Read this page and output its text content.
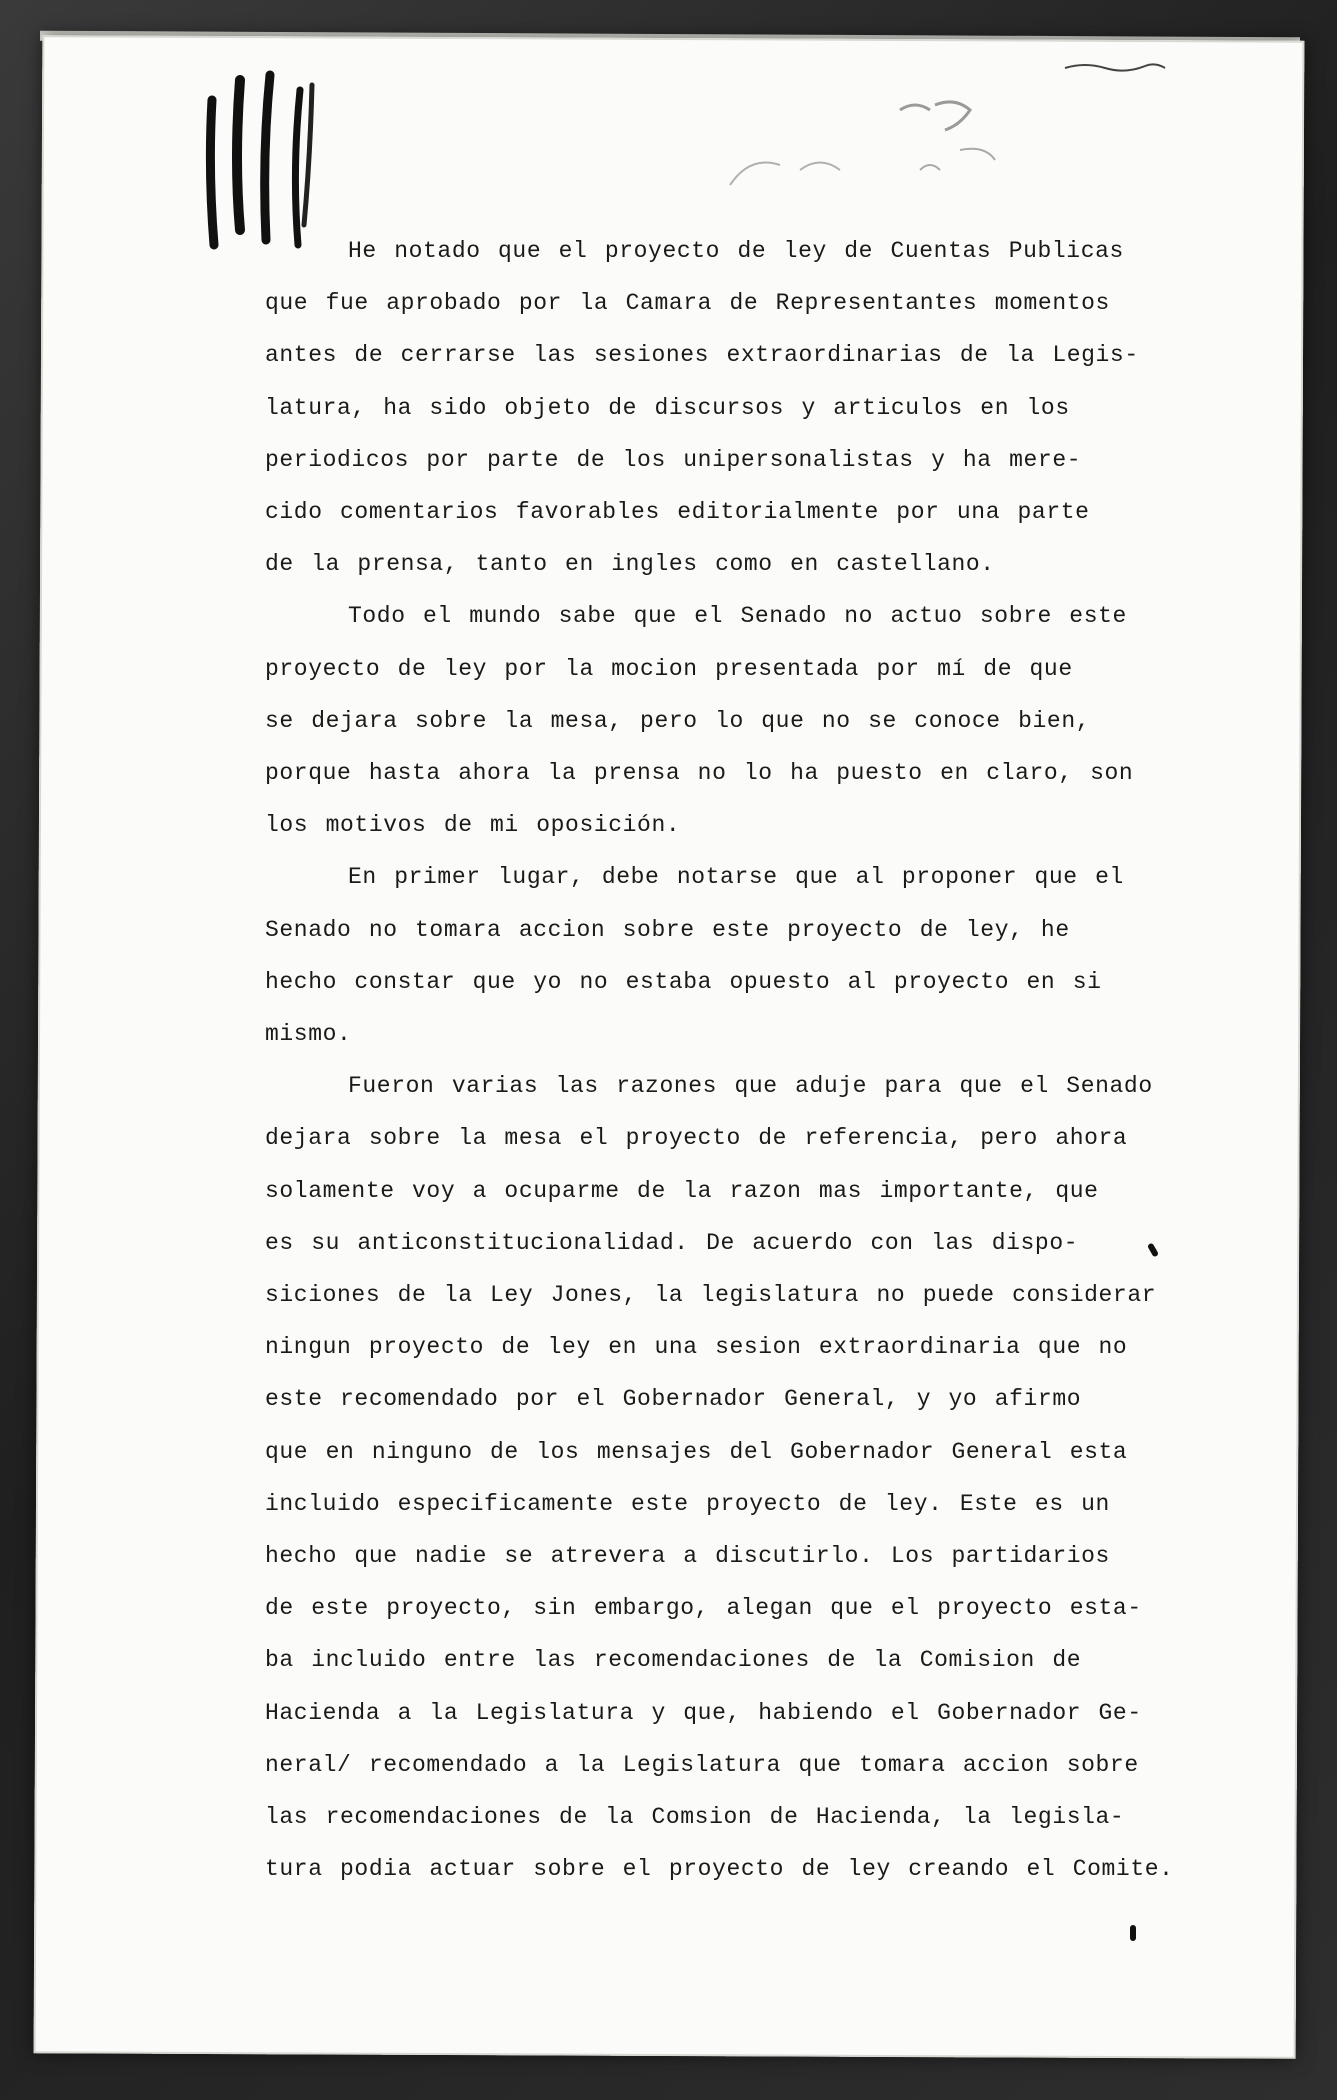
He notado que el proyecto de ley de Cuentas Publicas
que fue aprobado por la Camara de Representantes momentos
antes de cerrarse las sesiones extraordinarias de la Legis-
latura, ha sido objeto de discursos y articulos en los
periodicos por parte de los unipersonalistas y ha mere-
cido comentarios favorables editorialmente por una parte
de la prensa, tanto en ingles como en castellano.
Todo el mundo sabe que el Senado no actuo sobre este
proyecto de ley por la mocion presentada por mí de que
se dejara sobre la mesa, pero lo que no se conoce bien,
porque hasta ahora la prensa no lo ha puesto en claro, son
los motivos de mi oposición.
En primer lugar, debe notarse que al proponer que el
Senado no tomara accion sobre este proyecto de ley, he
hecho constar que yo no estaba opuesto al proyecto en si
mismo.
Fueron varias las razones que aduje para que el Senado
dejara sobre la mesa el proyecto de referencia, pero ahora
solamente voy a ocuparme de la razon mas importante, que
es su anticonstitucionalidad. De acuerdo con las dispo-
siciones de la Ley Jones, la legislatura no puede considerar
ningun proyecto de ley en una sesion extraordinaria que no
este recomendado por el Gobernador General, y yo afirmo
que en ninguno de los mensajes del Gobernador General esta
incluido especificamente este proyecto de ley. Este es un
hecho que nadie se atrevera a discutirlo. Los partidarios
de este proyecto, sin embargo, alegan que el proyecto esta-
ba incluido entre las recomendaciones de la Comision de
Hacienda a la Legislatura y que, habiendo el Gobernador Ge-
neral/ recomendado a la Legislatura que tomara accion sobre
las recomendaciones de la Comsion de Hacienda, la legisla-
tura podia actuar sobre el proyecto de ley creando el Comite.
